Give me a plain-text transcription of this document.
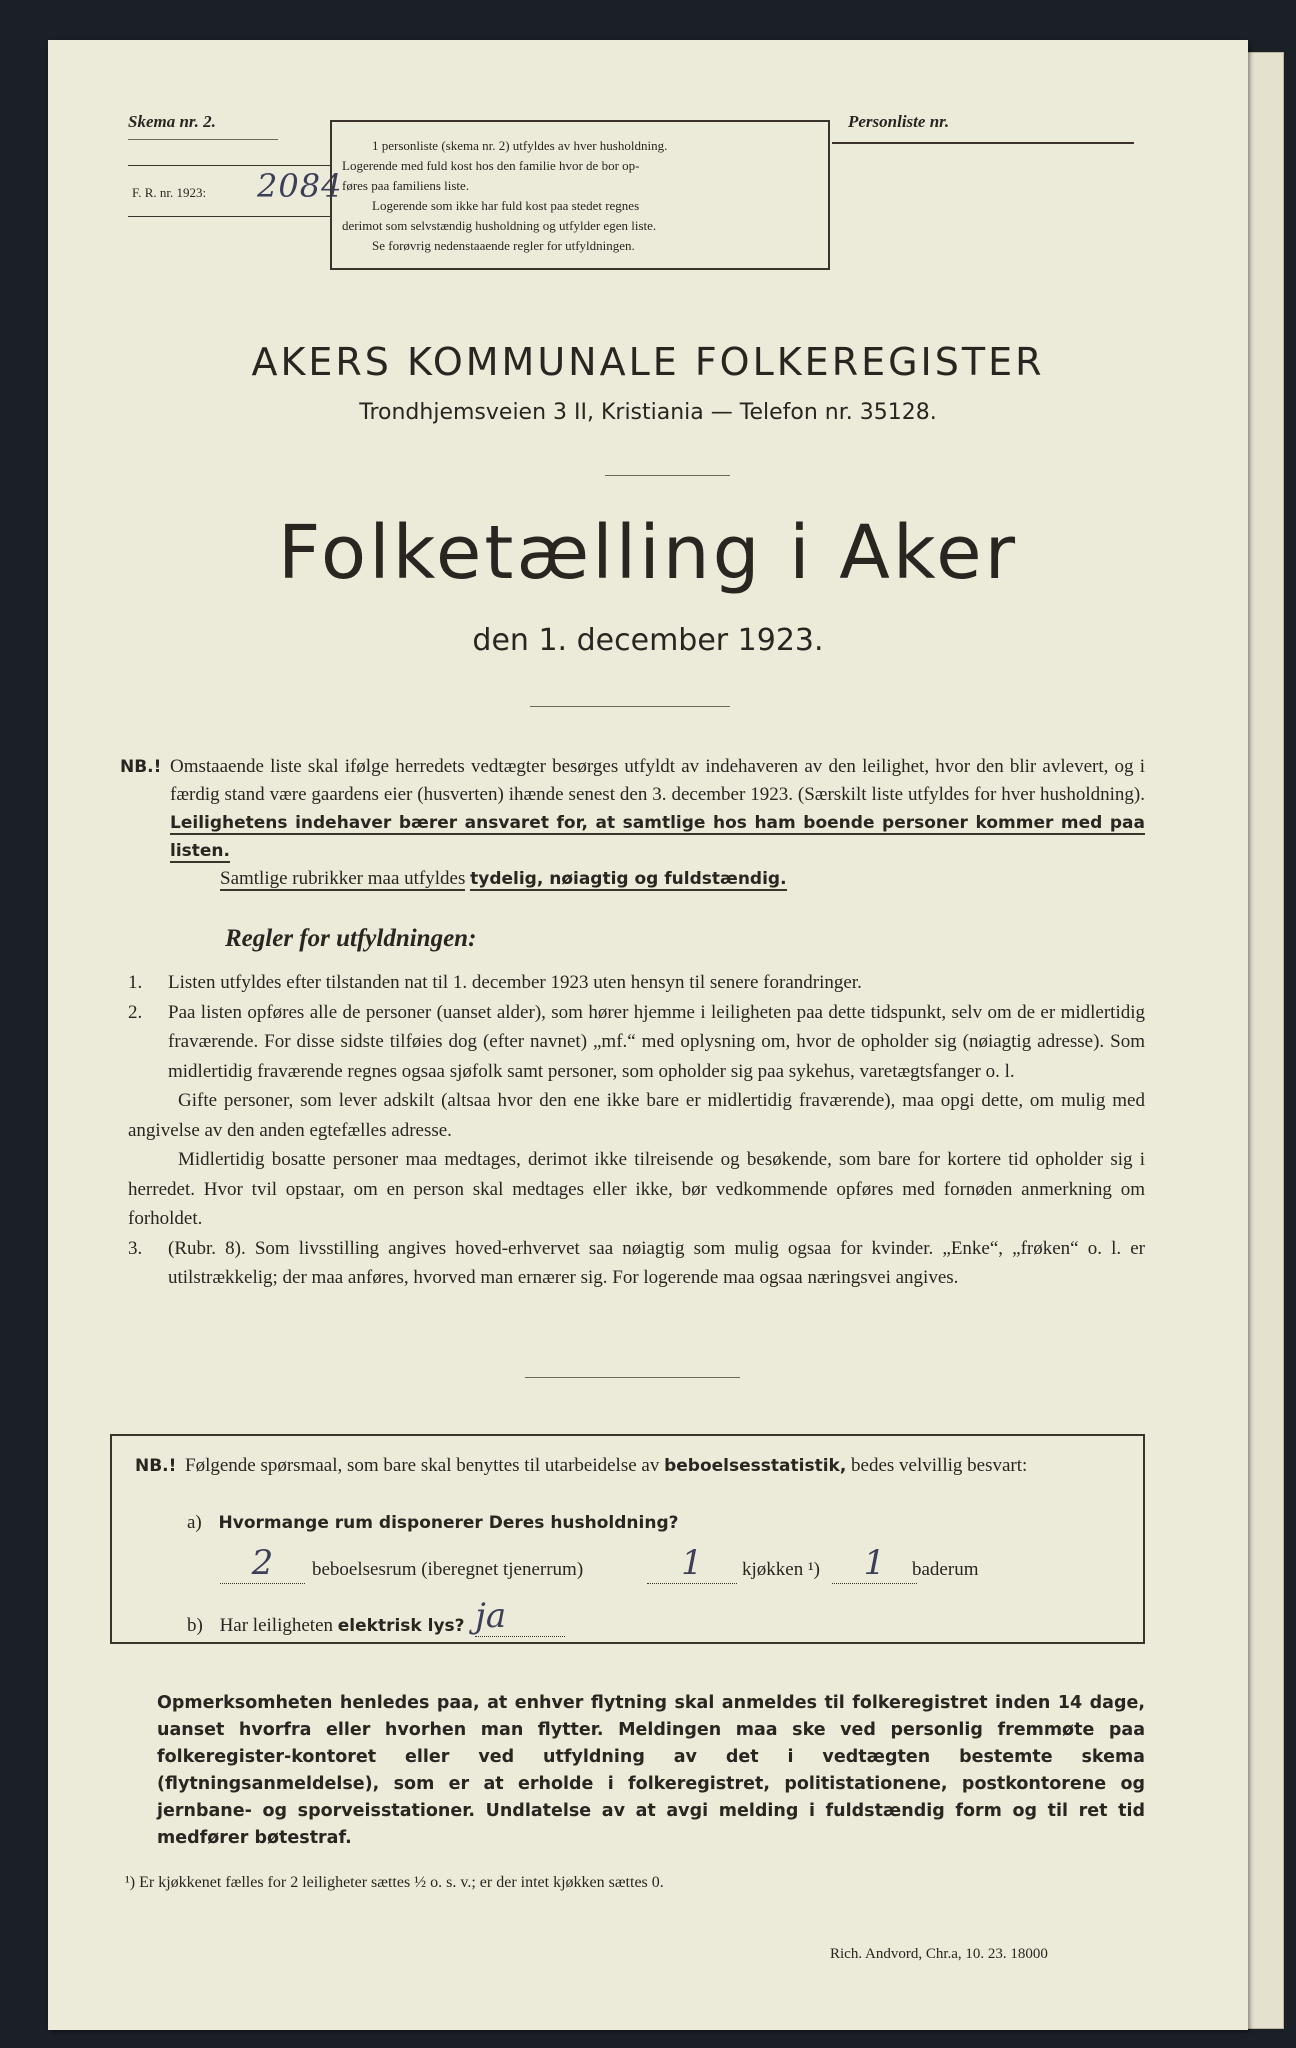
Skema nr. 2.
F. R. nr. 1923: 2084

1 personliste (skema nr. 2) utfyldes av hver husholdning.

Logerende med fuld kost hos den familie hvor de bor op-

føres paa familiens liste.

Logerende som ikke har fuld kost paa stedet regnes

derimot som selvstændig husholdning og utfylder egen liste.

Se forøvrig nedenstaaende regler for utfyldningen.

Personliste nr.
AKERS KOMMUNALE FOLKEREGISTER
Trondhjemsveien 3 II, Kristiania — Telefon nr. 35128.
Folketælling i Aker
den 1. december 1923.
NB.! Omstaaende liste skal ifølge herredets vedtægter besørges utfyldt av indehaveren av den leilighet, hvor den blir avlevert, og i færdig stand være gaardens eier (husverten) ihænde senest den 3. december 1923. (Særskilt liste utfyldes for hver husholdning). Leilighetens indehaver bærer ansvaret for, at samtlige hos ham boende personer kommer med paa listen.
Samtlige rubrikker maa utfyldes tydelig, nøiagtig og fuldstændig.
Regler for utfyldningen:
1. Listen utfyldes efter tilstanden nat til 1. december 1923 uten hensyn til senere forandringer.

2. Paa listen opføres alle de personer (uanset alder), som hører hjemme i leiligheten paa dette tidspunkt, selv om de er midlertidig fraværende. For disse sidste tilføies dog (efter navnet) „mf.“ med oplysning om, hvor de opholder sig (nøiagtig adresse). Som midlertidig fraværende regnes ogsaa sjøfolk samt personer, som opholder sig paa sykehus, varetægtsfanger o. l.

Gifte personer, som lever adskilt (altsaa hvor den ene ikke bare er midlertidig fraværende), maa opgi dette, om mulig med angivelse av den anden egtefælles adresse.

Midlertidig bosatte personer maa medtages, derimot ikke tilreisende og besøkende, som bare for kortere tid opholder sig i herredet. Hvor tvil opstaar, om en person skal medtages eller ikke, bør vedkommende opføres med fornøden anmerkning om forholdet.

3. (Rubr. 8). Som livsstilling angives hoved-erhvervet saa nøiagtig som mulig ogsaa for kvinder. „Enke“, „frøken“ o. l. er utilstrækkelig; der maa anføres, hvorved man ernærer sig. For logerende maa ogsaa næringsvei angives.

NB.! Følgende spørsmaal, som bare skal benyttes til utarbeidelse av beboelsesstatistik, bedes velvillig besvart:
a) Hvormange rum disponerer Deres husholdning?
2	beboelsesrum (iberegnet tjenerrum)	1	kjøkken ¹)	1	baderum
b) Har leiligheten elektrisk lys? ja
Opmerksomheten henledes paa, at enhver flytning skal anmeldes til folkeregistret inden 14 dage, uanset hvorfra eller hvorhen man flytter. Meldingen maa ske ved personlig fremmøte paa folkeregister-kontoret eller ved utfyldning av det i vedtægten bestemte skema (flytningsanmeldelse), som er at erholde i folkeregistret, politistationene, postkontorene og jernbane- og sporveisstationer. Undlatelse av at avgi melding i fuldstændig form og til ret tid medfører bøtestraf.
¹) Er kjøkkenet fælles for 2 leiligheter sættes ½ o. s. v.; er der intet kjøkken sættes 0.
Rich. Andvord, Chr.a, 10. 23. 18000
